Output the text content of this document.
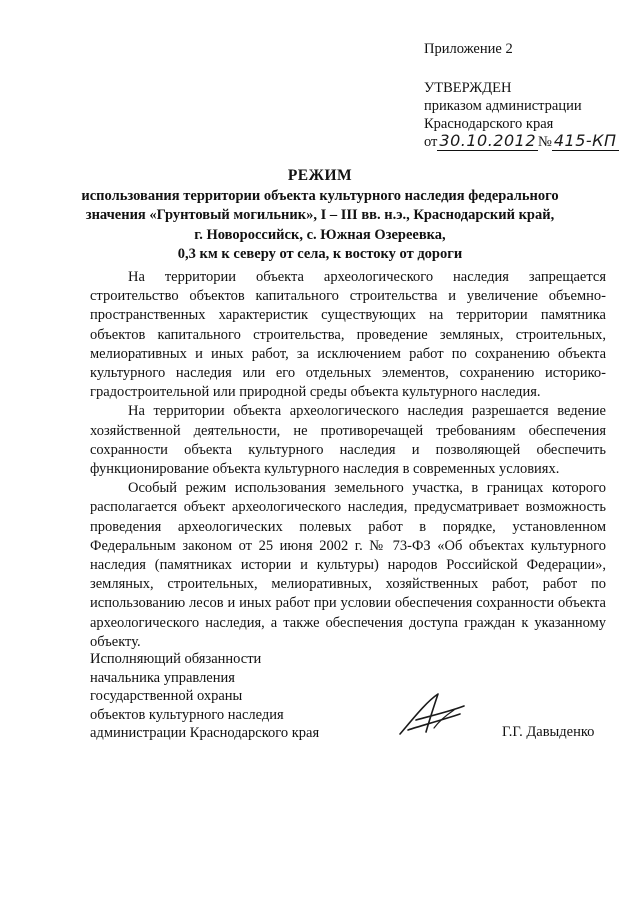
Приложение 2
УТВЕРЖДЕН
приказом администрации
Краснодарского края
от 30.10.2012 № 415-КП
РЕЖИМ
использования территории объекта культурного наследия федерального
значения «Грунтовый могильник», I – III вв. н.э., Краснодарский край,
г. Новороссийск, с. Южная Озереевка,
0,3 км к северу от села, к востоку от дороги

На территории объекта археологического наследия запрещается строительство объектов капитального строительства и увеличение объемно-пространственных характеристик существующих на территории памятника объектов капитального строительства, проведение земляных, строительных, мелиоративных и иных работ, за исключением работ по сохранению объекта культурного наследия или его отдельных элементов, сохранению историко-градостроительной или природной среды объекта культурного наследия.

На территории объекта археологического наследия разрешается ведение хозяйственной деятельности, не противоречащей требованиям обеспечения сохранности объекта культурного наследия и позволяющей обеспечить функционирование объекта культурного наследия в современных условиях.

Особый режим использования земельного участка, в границах которого располагается объект археологического наследия, предусматривает возможность проведения археологических полевых работ в порядке, установленном Федеральным законом от 25 июня 2002 г. № 73-ФЗ «Об объектах культурного наследия (памятниках истории и культуры) народов Российской Федерации», земляных, строительных, мелиоративных, хозяйственных работ, работ по использованию лесов и иных работ при условии обеспечения сохранности объекта археологического наследия, а также обеспечения доступа граждан к указанному объекту.

Исполняющий обязанности
начальника управления
государственной охраны
объектов культурного наследия
администрации Краснодарского края	Г.Г. Давыденко
